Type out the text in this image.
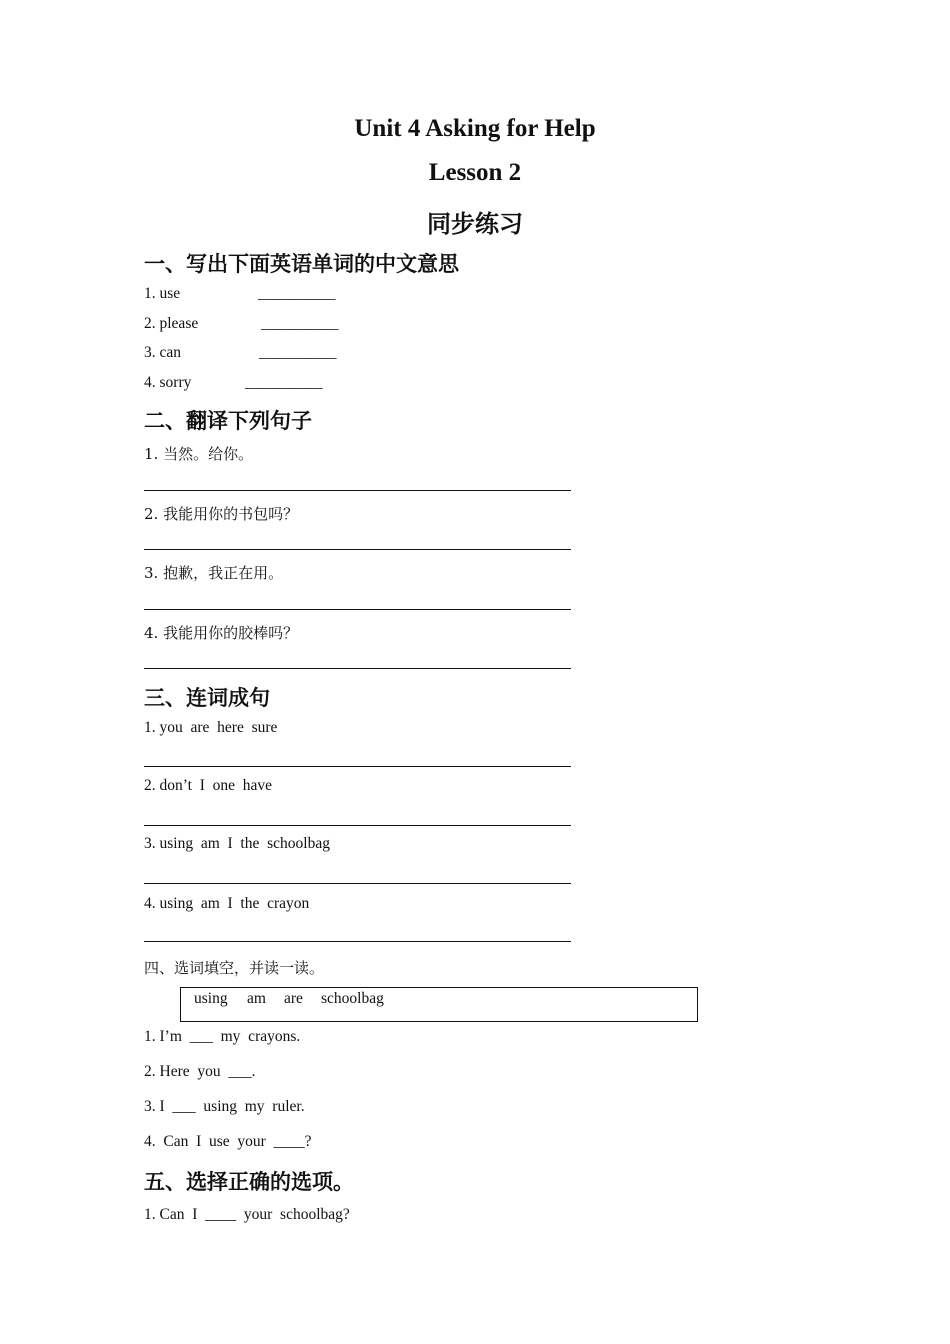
Unit 4 Asking for Help
Lesson 2
同步练习
一、写出下面英语单词的中文意思
1. use	__________
2. please	__________
3. can	__________
4. sorry	__________
二、翻译下列句子
1. 当然。给你。
2. 我能用你的书包吗？
3. 抱歉，我正在用。
4. 我能用你的胶棒吗？
三、连词成句
1. you  are  here  sure
2. don’t  I  one  have
3. using  am  I  the  schoolbag
4. using  am  I  the  crayon
四、选词填空，并读一读。
using am are schoolbag
1. I’m  ___  my  crayons.
2. Here  you  ___.
3. I  ___  using  my  ruler.
4.  Can  I  use  your  ____?
五、选择正确的选项。
1. Can  I  ____  your  schoolbag?
